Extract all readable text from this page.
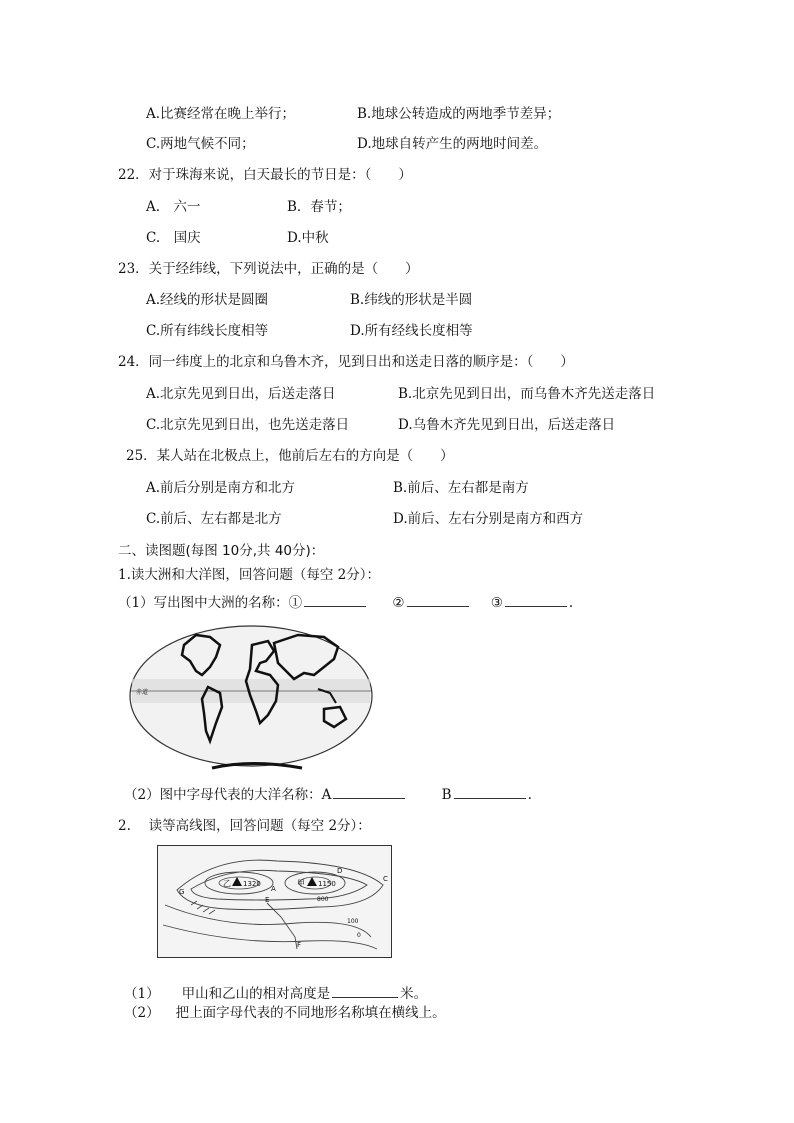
A.比赛经常在晚上举行；	B.地球公转造成的两地季节差异；
C.两地气候不同；	D.地球自转产生的两地时间差。
22．对于珠海来说，白天最长的节日是：（　　）
A.　六一	B．春节；
C.　国庆	D.中秋
23．关于经纬线，下列说法中，正确的是（　　）
A.经线的形状是圆圈	B.纬线的形状是半圆
C.所有纬线长度相等	D.所有经线长度相等
24．同一纬度上的北京和乌鲁木齐，见到日出和送走日落的顺序是：（　　）
A.北京先见到日出，后送走落日	B.北京先见到日出，而乌鲁木齐先送走落日
C.北京先见到日出，也先送走落日	D.乌鲁木齐先见到日出，后送走落日
25．某人站在北极点上，他前后左右的方向是（　　）
A.前后分别是南方和北方	B.前后、左右都是南方
C.前后、左右都是北方	D.前后、左右分别是南方和西方
二、读图题(每图 10分,共 40分)：
1.读大洲和大洋图，回答问题（每空 2分）：
（1）写出图中大洲的名称：①	②	③	.
赤道
（2）图中字母代表的大洋名称：A	B	.
2.　 读等高线图，回答问题（每空 2分）：
乙 1320	甲 1150
A
C
D
E
F
G
800
100
0
（1） 甲山和乙山的相对高度是	米。
（2） 把上面字母代表的不同地形名称填在横线上。
